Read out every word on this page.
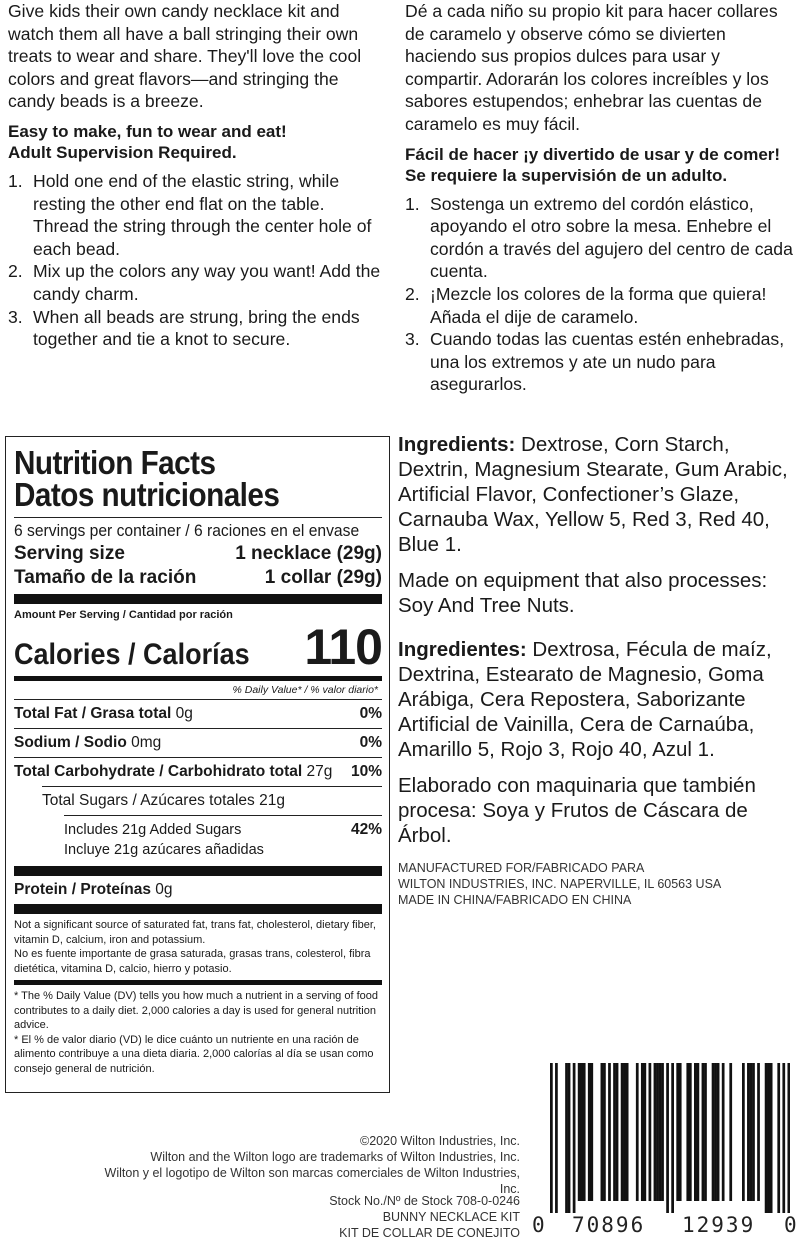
Give kids their own candy necklace kit and watch them all have a ball stringing their own treats to wear and share. They'll love the cool colors and great flavors—and stringing the candy beads is a breeze.

Easy to make, fun to wear and eat!
Adult Supervision Required.
1. Hold one end of the elastic string, while resting the other end flat on the table. Thread the string through the center hole of each bead.
2. Mix up the colors any way you want! Add the candy charm.
3. When all beads are strung, bring the ends together and tie a knot to secure.

Dé a cada niño su propio kit para hacer collares de caramelo y observe cómo se divierten haciendo sus propios dulces para usar y compartir. Adorarán los colores increíbles y los sabores estupendos; enhebrar las cuentas de caramelo es muy fácil.

Fácil de hacer ¡y divertido de usar y de comer!
Se requiere la supervisión de un adulto.
1. Sostenga un extremo del cordón elástico, apoyando el otro sobre la mesa. Enhebre el cordón a través del agujero del centro de cada cuenta.
2. ¡Mezcle los colores de la forma que quiera! Añada el dije de caramelo.
3. Cuando todas las cuentas estén enhebradas, una los extremos y ate un nudo para asegurarlos.
Nutrition Facts
Datos nutricionales
6 servings per container / 6 raciones en el envase
Serving size	1 necklace (29g)
Tamaño de la ración	1 collar (29g)
Amount Per Serving / Cantidad por ración
Calories / Calorías 110
% Daily Value* / % valor diario*
Total Fat / Grasa total 0g	0%
Sodium / Sodio 0mg	0%
Total Carbohydrate / Carbohidrato total 27g 10%
Total Sugars / Azúcares totales 21g
Includes 21g Added Sugars	42%
Incluye 21g azúcares añadidas
Protein / Proteínas 0g
Not a significant source of saturated fat, trans fat, cholesterol, dietary fiber, vitamin D, calcium, iron and potassium.
No es fuente importante de grasa saturada, grasas trans, colesterol, fibra dietética, vitamina D, calcio, hierro y potasio.
* The % Daily Value (DV) tells you how much a nutrient in a serving of food contributes to a daily diet. 2,000 calories a day is used for general nutrition advice.
* El % de valor diario (VD) le dice cuánto un nutriente en una ración de alimento contribuye a una dieta diaria. 2,000 calorías al día se usan como consejo general de nutrición.
Ingredients: Dextrose, Corn Starch, Dextrin, Magnesium Stearate, Gum Arabic, Artificial Flavor, Confectioner’s Glaze, Carnauba Wax, Yellow 5, Red 3, Red 40, Blue 1.
Made on equipment that also processes: Soy And Tree Nuts.
Ingredientes: Dextrosa, Fécula de maíz, Dextrina, Estearato de Magnesio, Goma Arábiga, Cera Repostera, Saborizante Artificial de Vainilla, Cera de Carnaúba, Amarillo 5, Rojo 3, Rojo 40, Azul 1.
Elaborado con maquinaria que también procesa: Soya y Frutos de Cáscara de Árbol.
MANUFACTURED FOR/FABRICADO PARA
WILTON INDUSTRIES, INC. NAPERVILLE, IL 60563 USA
MADE IN CHINA/FABRICADO EN CHINA
©2020 Wilton Industries, Inc.
Wilton and the Wilton logo are trademarks of Wilton Industries, Inc.
Wilton y el logotipo de Wilton son marcas comerciales de Wilton Industries, Inc.
Stock No./Nº de Stock 708-0-0246
BUNNY NECKLACE KIT
KIT DE COLLAR DE CONEJITO 0 70896 12939 0
